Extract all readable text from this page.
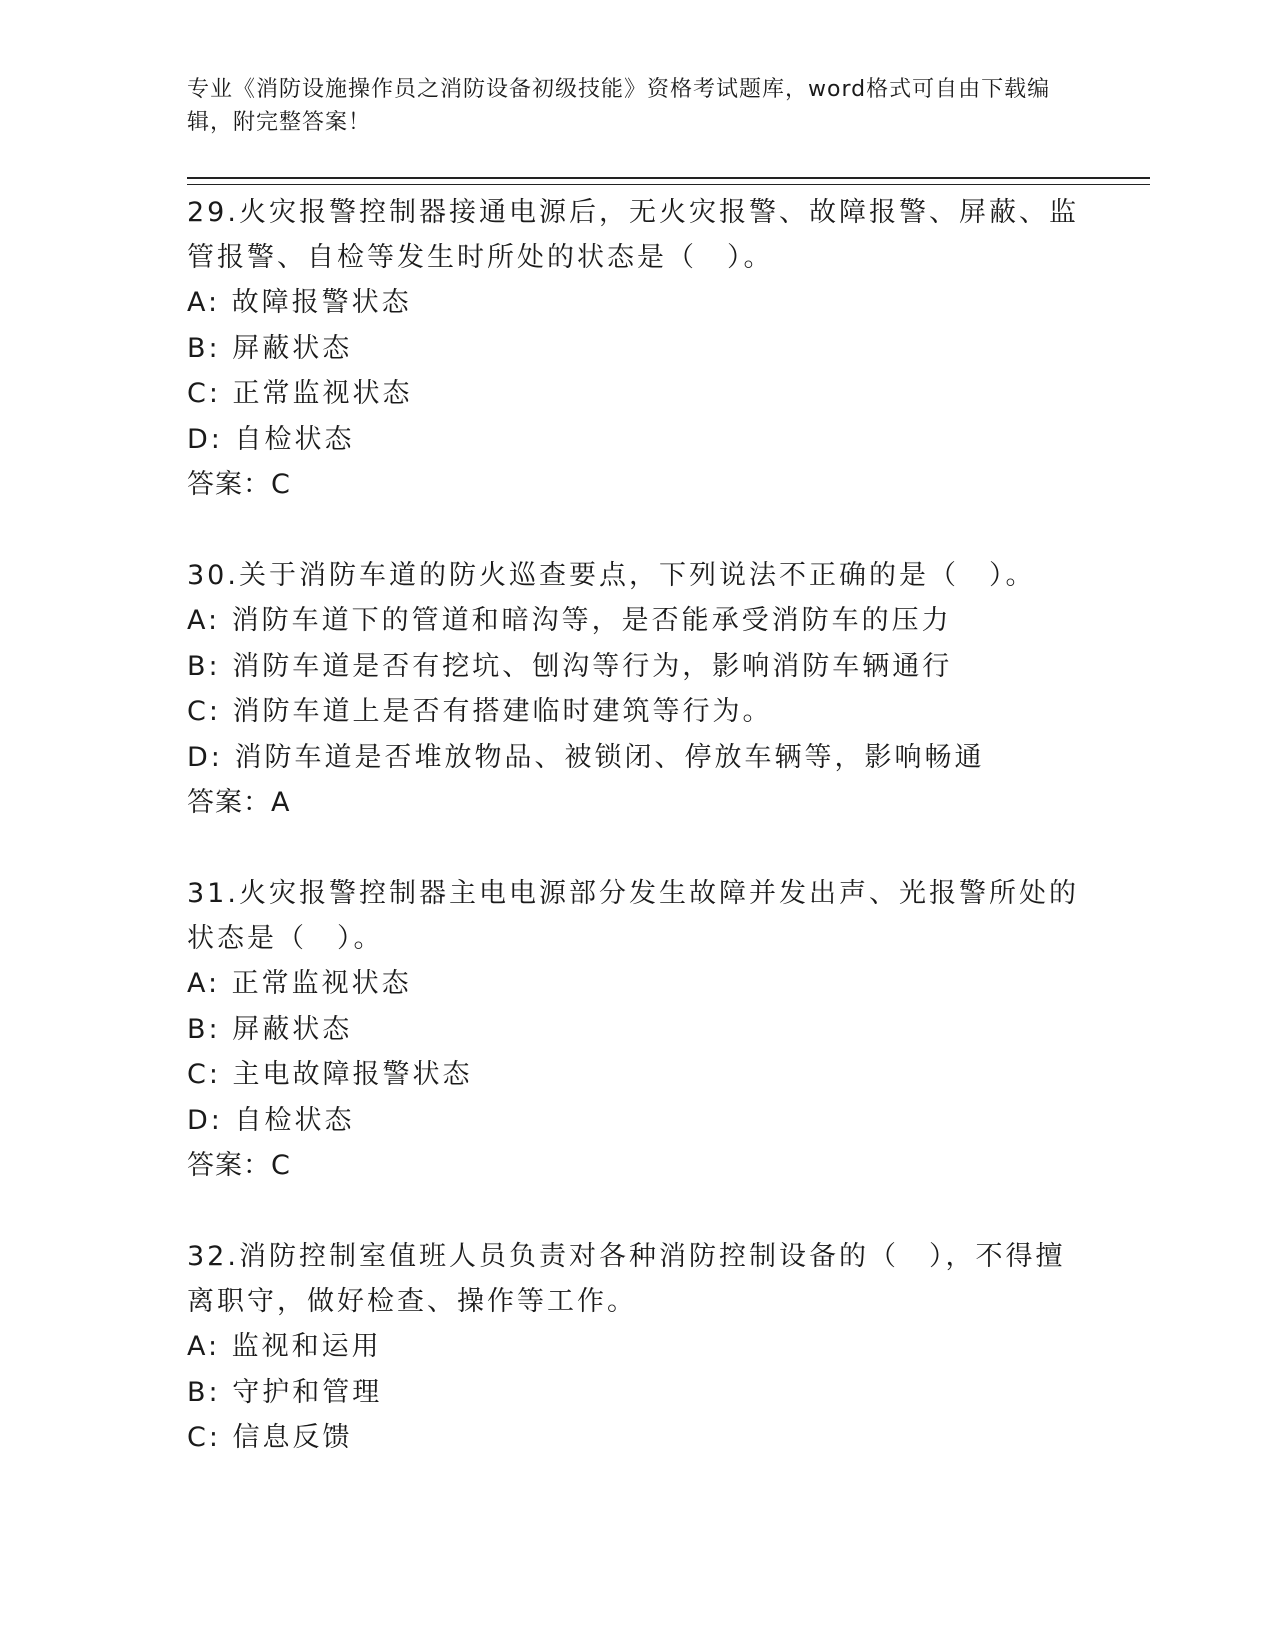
专业《消防设施操作员之消防设备初级技能》资格考试题库，word格式可自由下载编辑，附完整答案！

29.火灾报警控制器接通电源后，无火灾报警、故障报警、屏蔽、监管报警、自检等发生时所处的状态是（　）。

A: 故障报警状态

B: 屏蔽状态

C: 正常监视状态

D: 自检状态

答案：C

30.关于消防车道的防火巡查要点，下列说法不正确的是（　）。

A: 消防车道下的管道和暗沟等，是否能承受消防车的压力

B: 消防车道是否有挖坑、刨沟等行为，影响消防车辆通行

C: 消防车道上是否有搭建临时建筑等行为。

D: 消防车道是否堆放物品、被锁闭、停放车辆等，影响畅通

答案：A

31.火灾报警控制器主电电源部分发生故障并发出声、光报警所处的状态是（　）。

A: 正常监视状态

B: 屏蔽状态

C: 主电故障报警状态

D: 自检状态

答案：C

32.消防控制室值班人员负责对各种消防控制设备的（　），不得擅离职守，做好检查、操作等工作。

A: 监视和运用

B: 守护和管理

C: 信息反馈
